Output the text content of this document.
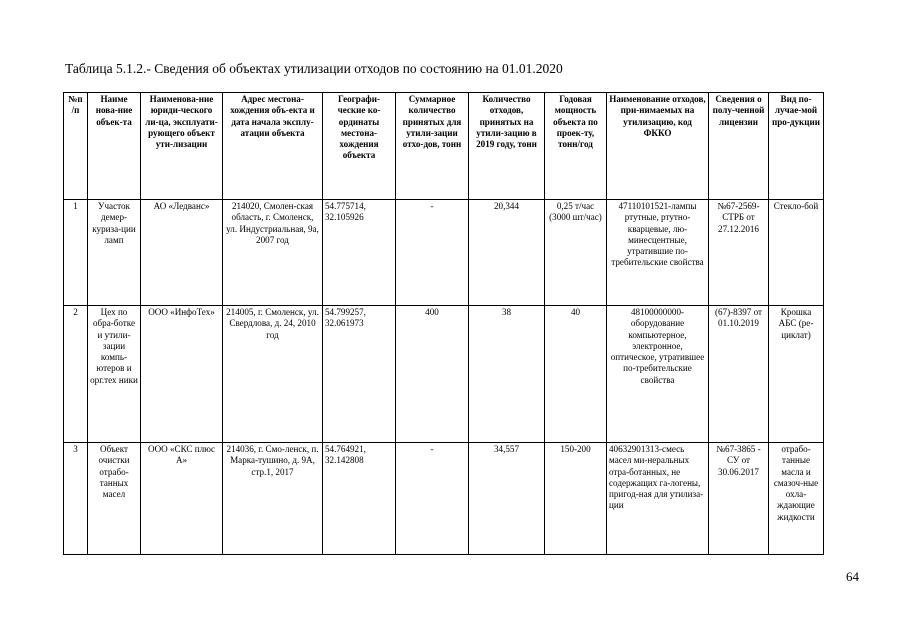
Таблица 5.1.2.- Сведения об объектах утилизации отходов по состоянию на 01.01.2020
№п /п	Наиме нова-ние объек-та	Наименова-ние юриди-ческого ли-ца, эксплуати-рующего объект ути-лизации	Адрес местона-хождения объ-екта и дата начала эксплу-атации объекта	Географи-ческие ко-ординаты местона-хождения объекта	Суммарное количество принятых для утили-зации отхо-дов, тонн	Количество отходов, принятых на утили-зацию в 2019 году, тонн	Годовая мощность объекта по проек-ту, тонн/год	Наименование отходов, при-нимаемых на утилизацию, код ФККО	Сведения о полу-ченной лицензии	Вид по-лучае-мой про-дукции	
1	Участок демер-куриза-ции ламп	АО «Ледванс»	214020, Смолен-ская область, г. Смоленск, ул. Индустриальная, 9а, 2007 год	54.775714, 32.105926	-	20,344	0,25 т/час (3000 шт/час)	47110101521-лампы ртутные, ртутно-кварцевые, лю-минесцентные, утратившие по-требительские свойства	№67-2569-СТРБ от 27.12.2016	Стекло-бой	
2	Цех по обра-ботке и утили-зации компь-ютеров и орг.тех ники	ООО «ИнфоТех»	214005, г. Смоленск, ул. Свердлова, д. 24, 2010 год	54.799257, 32.061973	400	38	40	48100000000-оборудование компьютерное, электронное, оптическое, утратившее по-требительские свойства	(67)-8397 от 01.10.2019	Крошка АБС (ре-циклат)	
3	Объект очистки отрабо-танных масел	ООО «СКС плюс А»	214036, г. Смо-ленск, п. Марка-тушино, д. 9А, стр.1, 2017	54.764921, 32.142808	-	34,557	150-200	40632901313-смесь масел ми-неральных отра-ботанных, не содержащих га-логены, пригод-ная для утилиза-ции	№67-3865 - СУ от 30.06.2017	отрабо-танные масла и смазоч-ные охла-ждающие жидкости	
64
